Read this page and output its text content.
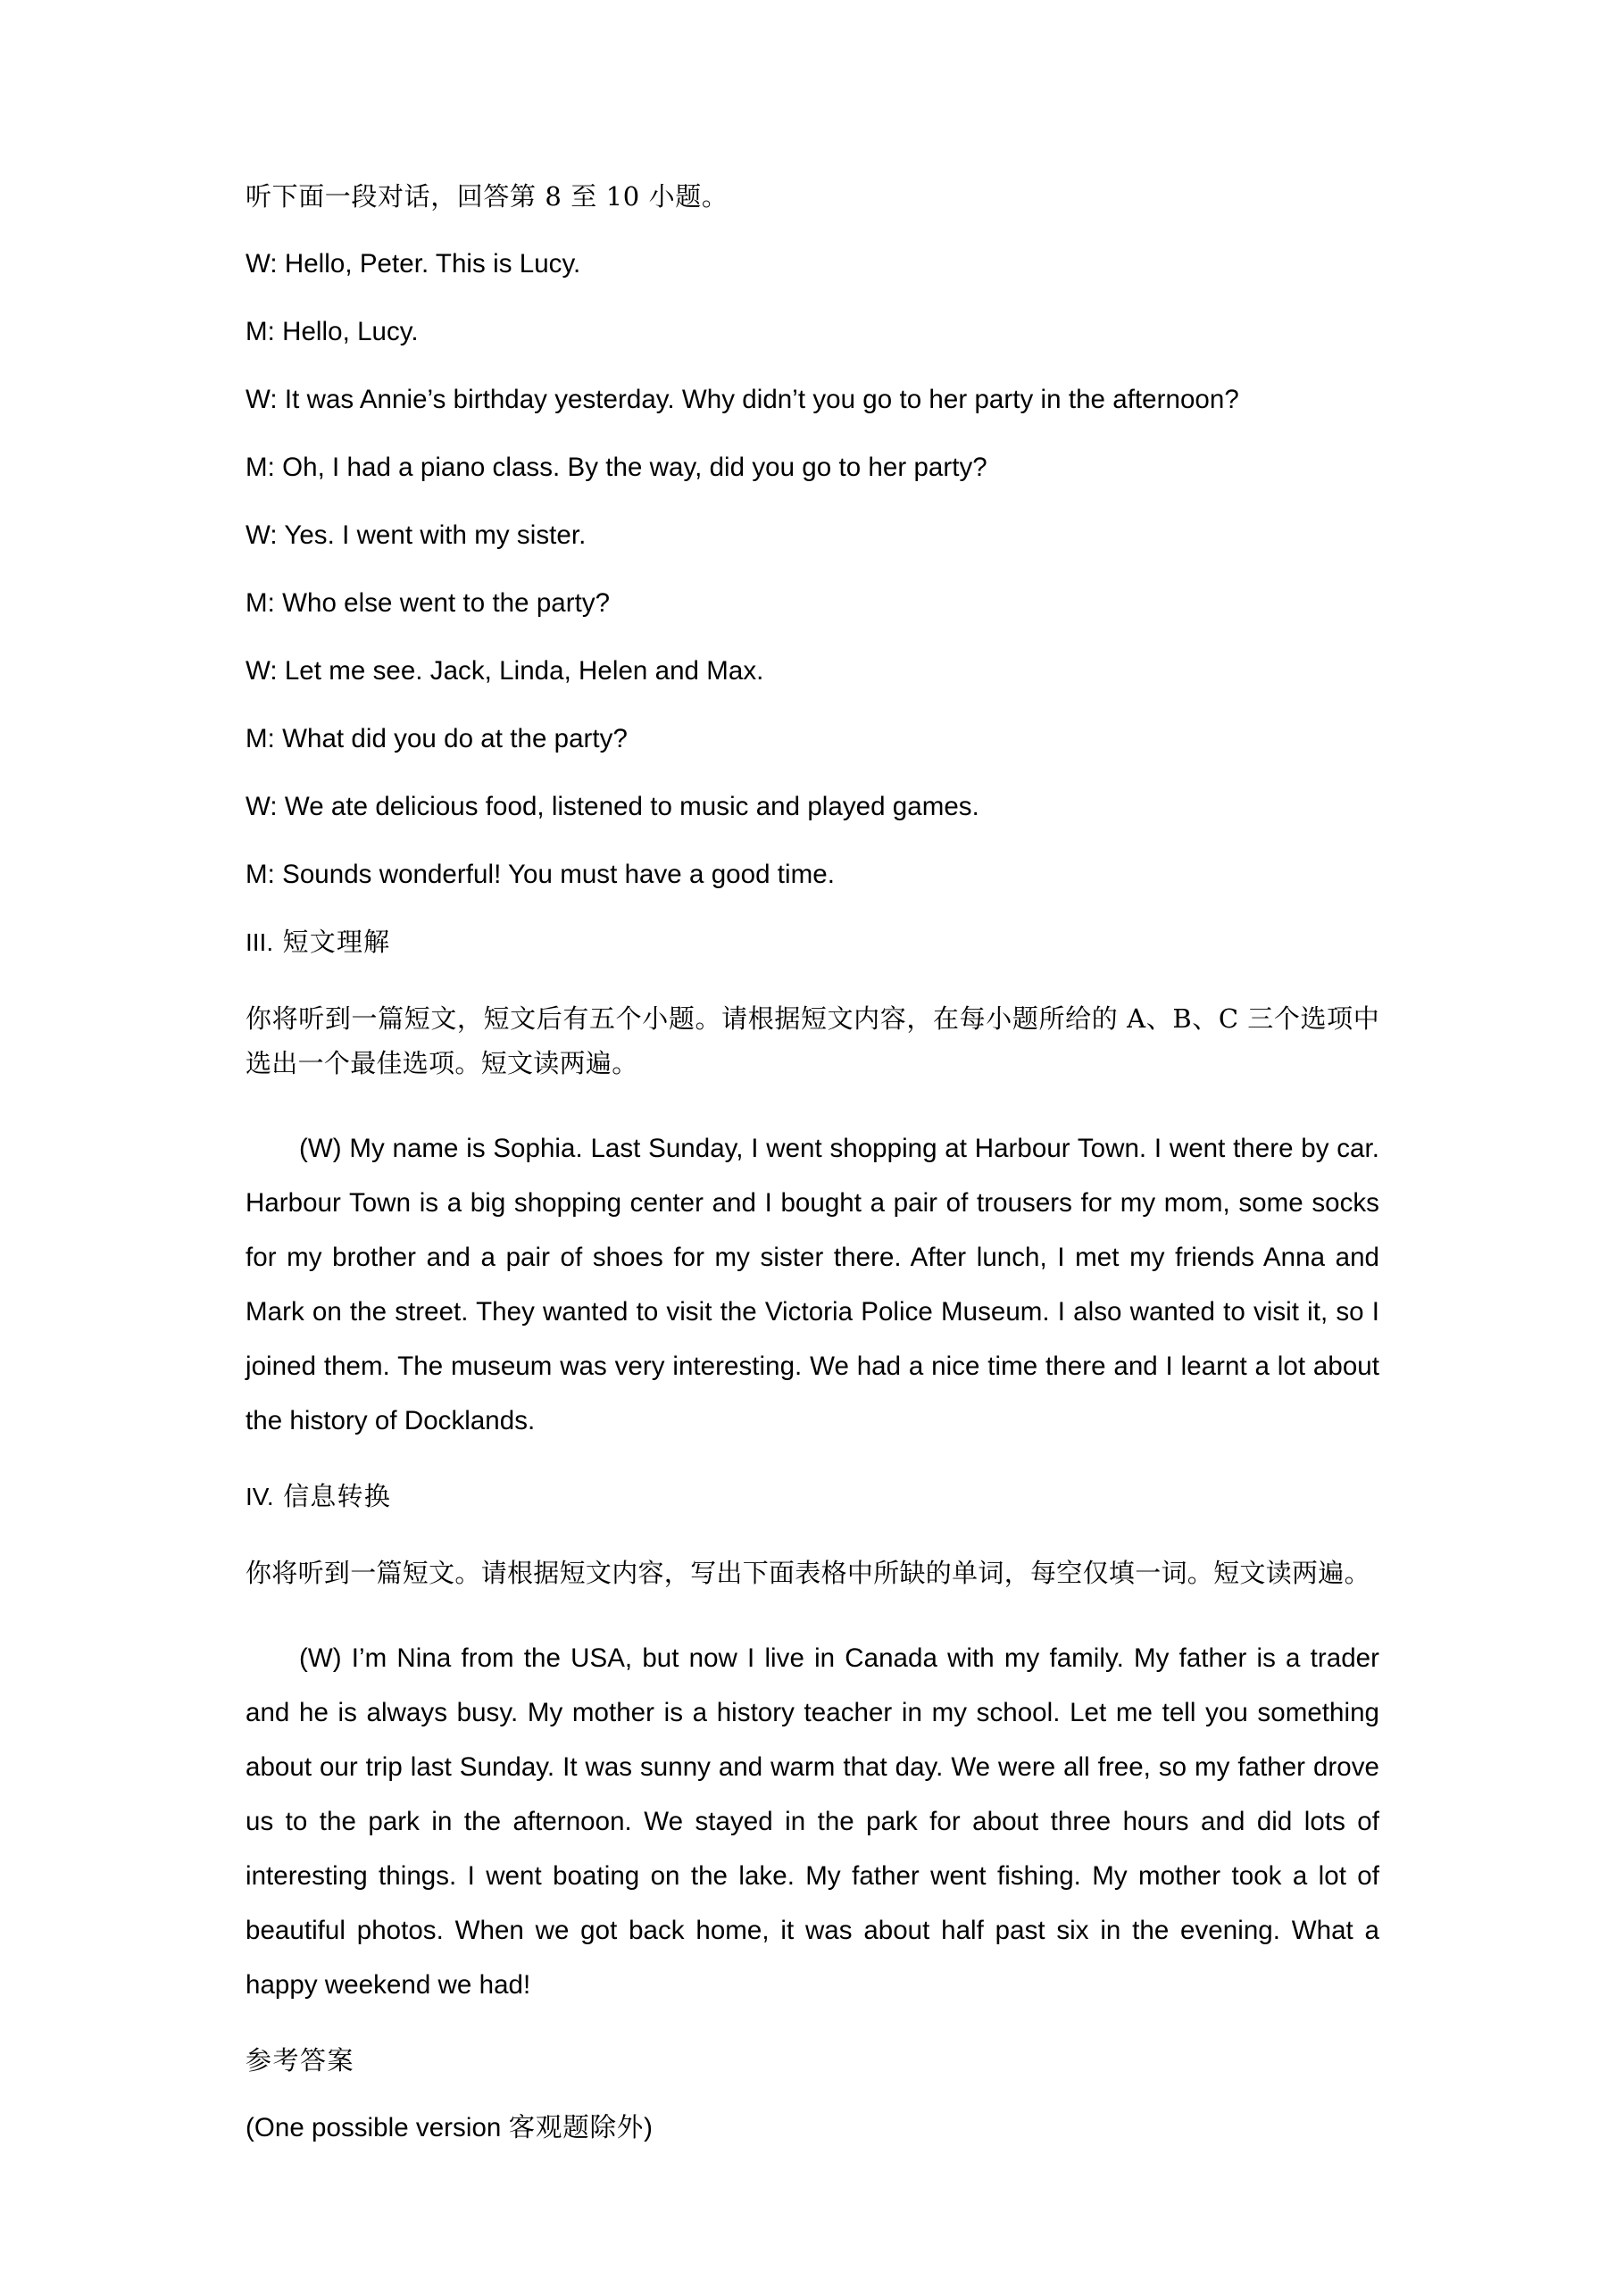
听下面一段对话，回答第 8 至 10 小题。

W: Hello, Peter. This is Lucy.

M: Hello, Lucy.

W: It was Annie’s birthday yesterday. Why didn’t you go to her party in the afternoon?

M: Oh, I had a piano class. By the way, did you go to her party?

W: Yes. I went with my sister.

M: Who else went to the party?

W: Let me see. Jack, Linda, Helen and Max.

M: What did you do at the party?

W: We ate delicious food, listened to music and played games.

M: Sounds wonderful! You must have a good time.

III. 短文理解

你将听到一篇短文，短文后有五个小题。请根据短文内容，在每小题所给的 A、B、C 三个选项中选出一个最佳选项。短文读两遍。

(W) My name is Sophia. Last Sunday, I went shopping at Harbour Town. I went there by car. Harbour Town is a big shopping center and I bought a pair of trousers for my mom, some socks for my brother and a pair of shoes for my sister there. After lunch, I met my friends Anna and Mark on the street. They wanted to visit the Victoria Police Museum. I also wanted to visit it, so I joined them. The museum was very interesting. We had a nice time there and I learnt a lot about the history of Docklands.

IV. 信息转换

你将听到一篇短文。请根据短文内容，写出下面表格中所缺的单词，每空仅填一词。短文读两遍。

(W) I’m Nina from the USA, but now I live in Canada with my family. My father is a trader and he is always busy. My mother is a history teacher in my school. Let me tell you something about our trip last Sunday. It was sunny and warm that day. We were all free, so my father drove us to the park in the afternoon. We stayed in the park for about three hours and did lots of interesting things. I went boating on the lake. My father went fishing. My mother took a lot of beautiful photos. When we got back home, it was about half past six in the evening. What a happy weekend we had!

参考答案

(One possible version 客观题除外)
